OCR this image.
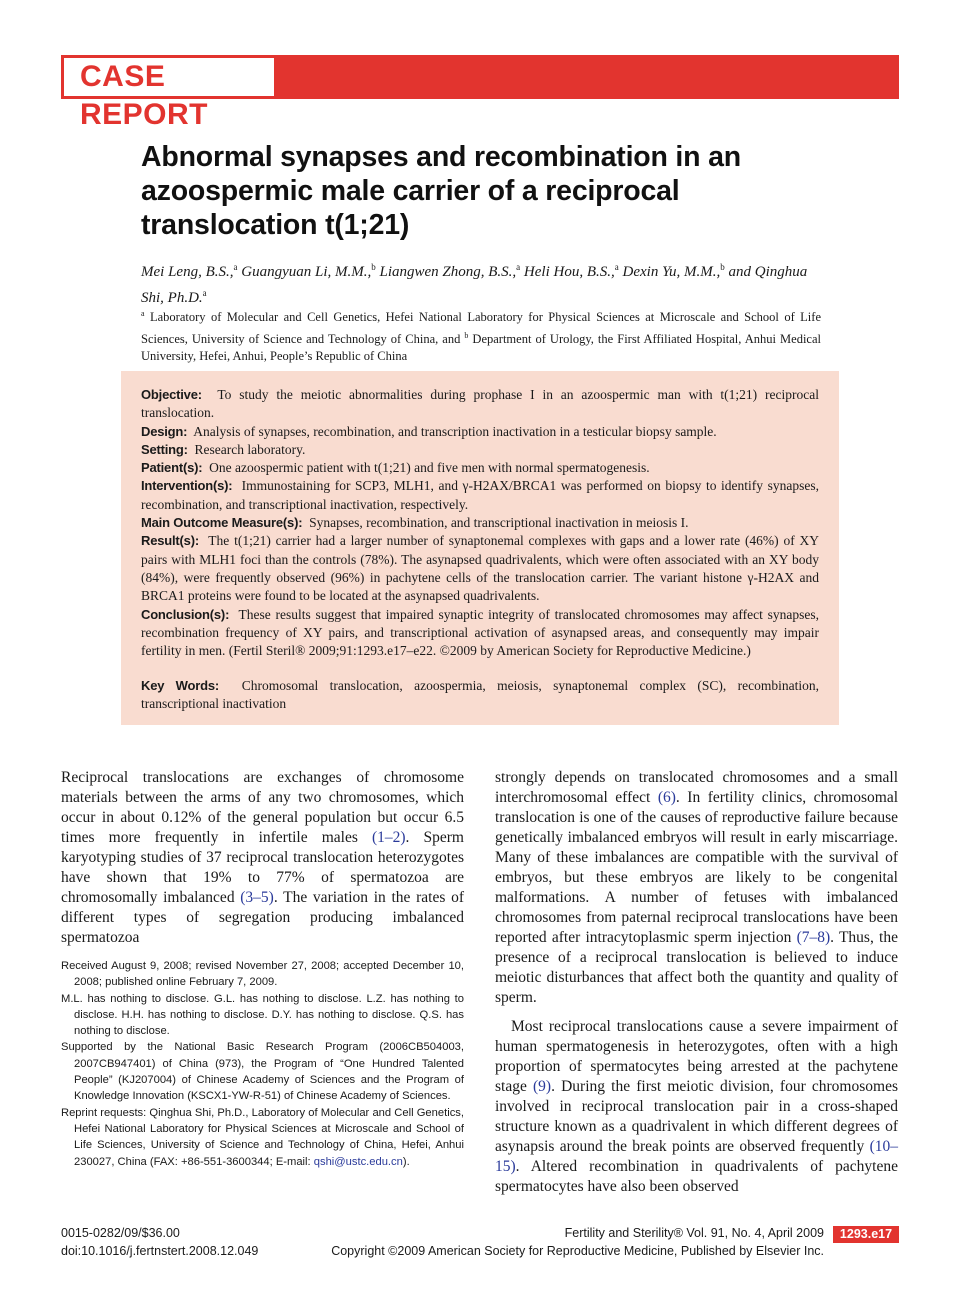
CASE REPORT
Abnormal synapses and recombination in an azoospermic male carrier of a reciprocal translocation t(1;21)

Mei Leng, B.S.,$^a$ Guangyuan Li, M.M.,$^b$ Liangwen Zhong, B.S.,$^a$ Heli Hou, B.S.,$^a$ Dexin Yu, M.M.,$^b$ and Qinghua Shi, Ph.D.$^a$

$^a$ Laboratory of Molecular and Cell Genetics, Hefei National Laboratory for Physical Sciences at Microscale and School of Life Sciences, University of Science and Technology of China, and $^b$ Department of Urology, the First Affiliated Hospital, Anhui Medical University, Hefei, Anhui, People’s Republic of China

Objective: To study the meiotic abnormalities during prophase I in an azoospermic man with t(1;21) reciprocal translocation.

Design: Analysis of synapses, recombination, and transcription inactivation in a testicular biopsy sample.

Setting: Research laboratory.

Patient(s): One azoospermic patient with t(1;21) and five men with normal spermatogenesis.

Intervention(s): Immunostaining for SCP3, MLH1, and γ-H2AX/BRCA1 was performed on biopsy to identify synapses, recombination, and transcriptional inactivation, respectively.

Main Outcome Measure(s): Synapses, recombination, and transcriptional inactivation in meiosis I.

Result(s): The t(1;21) carrier had a larger number of synaptonemal complexes with gaps and a lower rate (46%) of XY pairs with MLH1 foci than the controls (78%). The asynapsed quadrivalents, which were often associated with an XY body (84%), were frequently observed (96%) in pachytene cells of the translocation carrier. The variant histone γ-H2AX and BRCA1 proteins were found to be located at the asynapsed quadrivalents.

Conclusion(s): These results suggest that impaired synaptic integrity of translocated chromosomes may affect synapses, recombination frequency of XY pairs, and transcriptional activation of asynapsed areas, and consequently may impair fertility in men. (Fertil Steril® 2009;91:1293.e17–e22. ©2009 by American Society for Reproductive Medicine.)

Key Words: Chromosomal translocation, azoospermia, meiosis, synaptonemal complex (SC), recombination, transcriptional inactivation

Reciprocal translocations are exchanges of chromosome materials between the arms of any two chromosomes, which occur in about 0.12% of the general population but occur 6.5 times more frequently in infertile males (1–2). Sperm karyotyping studies of 37 reciprocal translocation heterozygotes have shown that 19% to 77% of spermatozoa are chromosomally imbalanced (3–5). The variation in the rates of different types of segregation producing imbalanced spermatozoa

strongly depends on translocated chromosomes and a small interchromosomal effect (6). In fertility clinics, chromosomal translocation is one of the causes of reproductive failure because genetically imbalanced embryos will result in early miscarriage. Many of these imbalances are compatible with the survival of embryos, but these embryos are likely to be congenital malformations. A number of fetuses with imbalanced chromosomes from paternal reciprocal translocations have been reported after intracytoplasmic sperm injection (7–8). Thus, the presence of a reciprocal translocation is believed to induce meiotic disturbances that affect both the quantity and quality of sperm.

Most reciprocal translocations cause a severe impairment of human spermatogenesis in heterozygotes, often with a high proportion of spermatocytes being arrested at the pachytene stage (9). During the first meiotic division, four chromosomes involved in reciprocal translocation pair in a cross-shaped structure known as a quadrivalent in which different degrees of asynapsis around the break points are observed frequently (10–15). Altered recombination in quadrivalents of pachytene spermatocytes have also been observed

Received August 9, 2008; revised November 27, 2008; accepted December 10, 2008; published online February 7, 2009.

M.L. has nothing to disclose. G.L. has nothing to disclose. L.Z. has nothing to disclose. H.H. has nothing to disclose. D.Y. has nothing to disclose. Q.S. has nothing to disclose.

Supported by the National Basic Research Program (2006CB504003, 2007CB947401) of China (973), the Program of “One Hundred Talented People” (KJ207004) of Chinese Academy of Sciences and the Program of Knowledge Innovation (KSCX1-YW-R-51) of Chinese Academy of Sciences.

Reprint requests: Qinghua Shi, Ph.D., Laboratory of Molecular and Cell Genetics, Hefei National Laboratory for Physical Sciences at Microscale and School of Life Sciences, University of Science and Technology of China, Hefei, Anhui 230027, China (FAX: +86-551-3600344; E-mail: qshi@ustc.edu.cn).

0015-0282/09/$36.00
doi:10.1016/j.fertnstert.2008.12.049
Fertility and Sterility® Vol. 91, No. 4, April 2009
Copyright ©2009 American Society for Reproductive Medicine, Published by Elsevier Inc.
1293.e17
